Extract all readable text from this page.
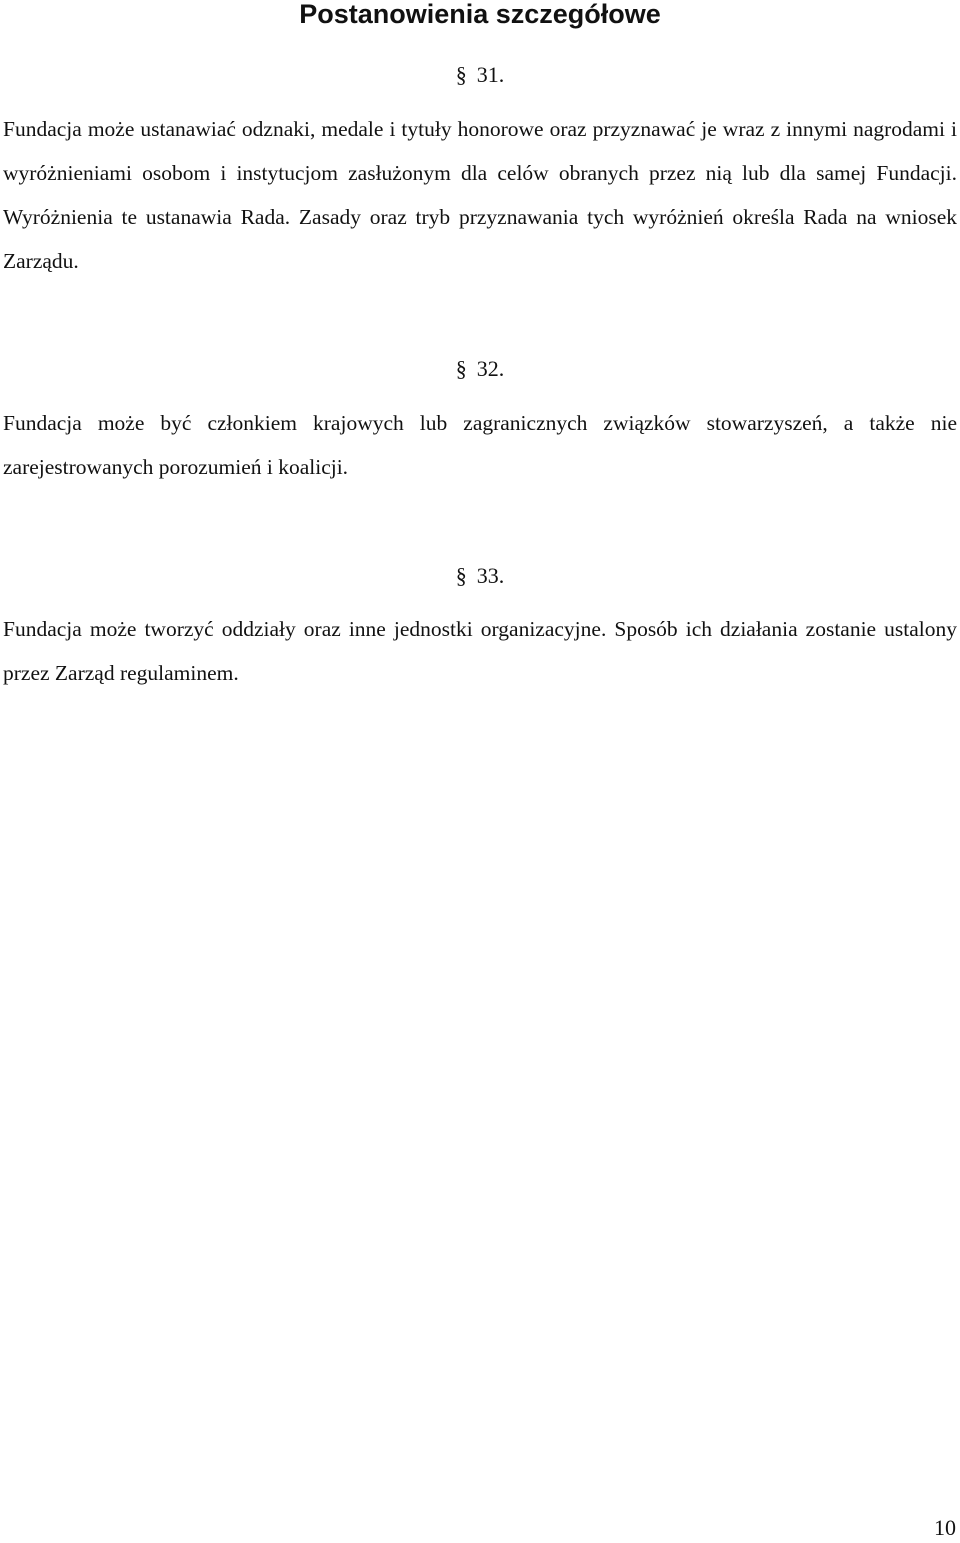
Postanowienia szczegółowe
§ 31.

Fundacja może ustanawiać odznaki, medale i tytuły honorowe oraz przyznawać je wraz z innymi nagrodami i wyróżnieniami osobom i instytucjom zasłużonym dla celów obranych przez nią lub dla samej Fundacji. Wyróżnienia te ustanawia Rada. Zasady oraz tryb przyznawania tych wyróżnień określa Rada na wniosek Zarządu.

§ 32.

Fundacja może być członkiem krajowych lub zagranicznych związków stowarzyszeń, a także nie zarejestrowanych porozumień i koalicji.

§ 33.

Fundacja może tworzyć oddziały oraz inne jednostki organizacyjne. Sposób ich działania zostanie ustalony przez Zarząd regulaminem.

10
